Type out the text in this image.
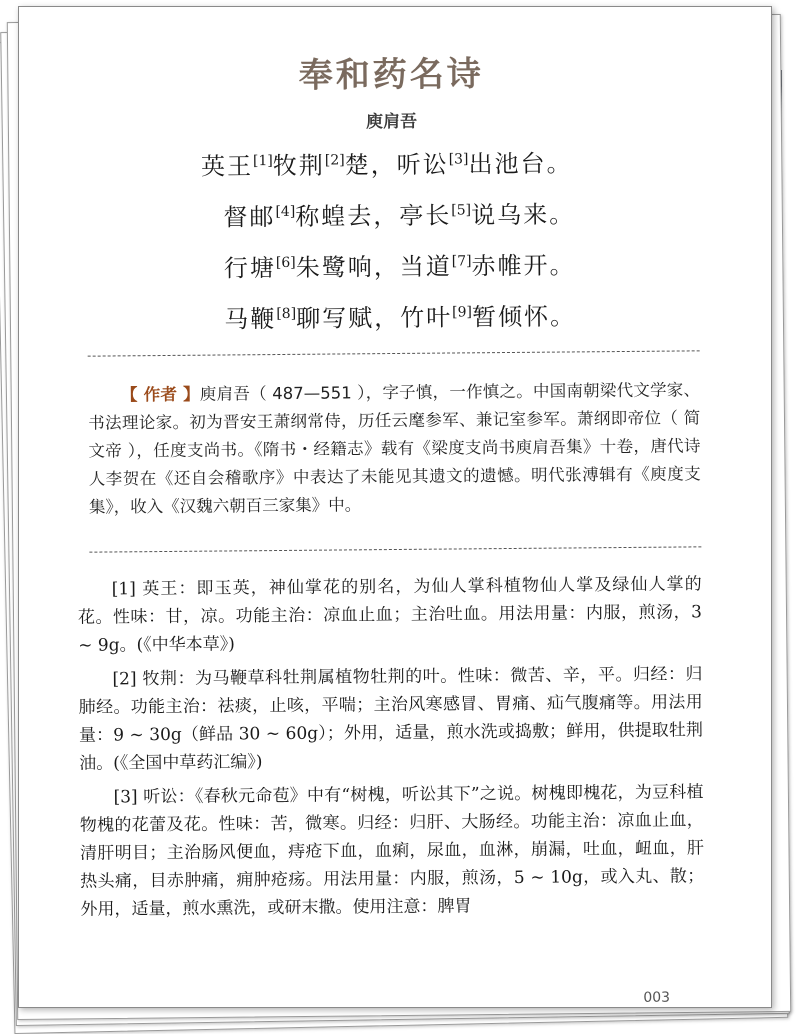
奉和药名诗
庾肩吾
英王[1]牧荆[2]楚，听讼[3]出池台。
督邮[4]称蝗去，亭长[5]说乌来。
行塘[6]朱鹭响，当道[7]赤帷开。
马鞭[8]聊写赋，竹叶[9]暂倾怀。

【 作者 】庾肩吾（ 487—551 ），字子慎，一作慎之。中国南朝梁代文学家、书法理论家。初为晋安王萧纲常侍，历任云麾参军、兼记室参军。萧纲即帝位（ 简文帝 ），任度支尚书。《隋书・经籍志》载有《梁度支尚书庾肩吾集》十卷，唐代诗人李贺在《还自会稽歌序》中表达了未能见其遗文的遗憾。明代张溥辑有《庾度支集》，收入《汉魏六朝百三家集》中。

[1] 英王：即玉英，神仙掌花的别名，为仙人掌科植物仙人掌及绿仙人掌的花。性味：甘，凉。功能主治：凉血止血；主治吐血。用法用量：内服，煎汤，3 ~ 9g。(《中华本草》)

[2] 牧荆：为马鞭草科牡荆属植物牡荆的叶。性味：微苦、辛，平。归经：归肺经。功能主治：祛痰，止咳，平喘；主治风寒感冒、胃痛、疝气腹痛等。用法用量：9 ~ 30g（鲜品 30 ~ 60g）；外用，适量，煎水洗或捣敷；鲜用，供提取牡荆油。(《全国中草药汇编》)

[3] 听讼：《春秋元命苞》中有“树槐，听讼其下”之说。树槐即槐花，为豆科植物槐的花蕾及花。性味：苦，微寒。归经：归肝、大肠经。功能主治：凉血止血，清肝明目；主治肠风便血，痔疮下血，血痢，尿血，血淋，崩漏，吐血，衄血，肝热头痛，目赤肿痛，痈肿疮疡。用法用量：内服，煎汤，5 ~ 10g，或入丸、散；外用，适量，煎水熏洗，或研末撒。使用注意：脾胃

003
